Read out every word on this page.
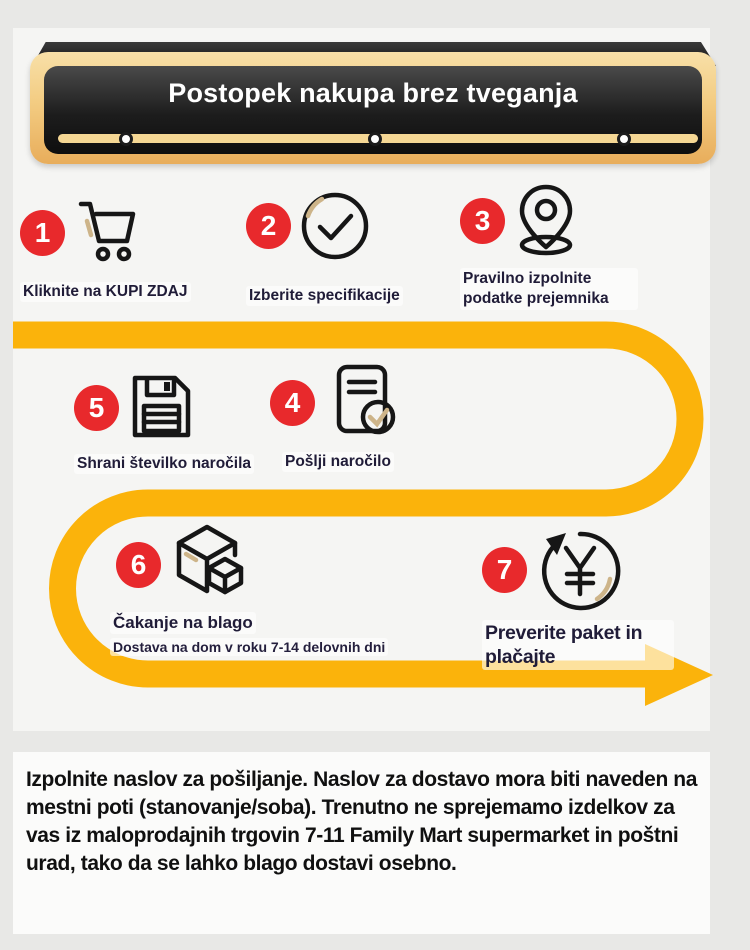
Postopek nakupa brez tveganja
1
Kliknite na KUPI ZDAJ
2
Izberite specifikacije
3
Pravilno izpolnite podatke prejemnika
5
Shrani številko naročila
4
Pošlji naročilo
6
Čakanje na blago
Dostava na dom v roku 7-14 delovnih dni
7
Preverite paket in plačajte
Izpolnite naslov za pošiljanje. Naslov za dostavo mora biti naveden na mestni poti (stanovanje/soba). Trenutno ne sprejemamo izdelkov za vas iz maloprodajnih trgovin 7-11 Family Mart supermarket in poštni urad, tako da se lahko blago dostavi osebno.
